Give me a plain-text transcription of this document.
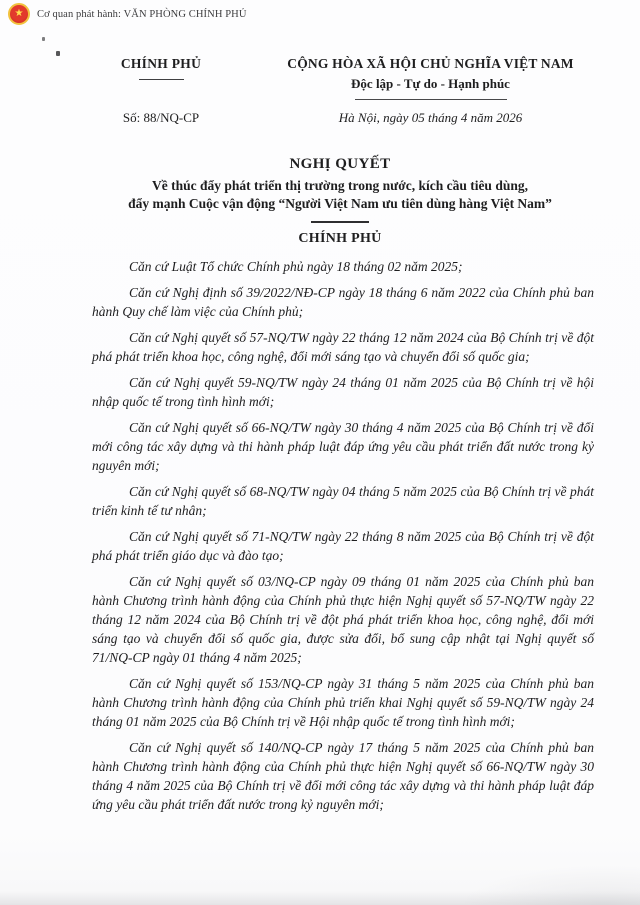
★ Cơ quan phát hành: VĂN PHÒNG CHÍNH PHỦ
CHÍNH PHỦ
Số: 88/NQ-CP
CỘNG HÒA XÃ HỘI CHỦ NGHĨA VIỆT NAM
Độc lập - Tự do - Hạnh phúc
Hà Nội, ngày 05 tháng 4 năm 2026
NGHỊ QUYẾT
Về thúc đẩy phát triển thị trường trong nước, kích cầu tiêu dùng,
đẩy mạnh Cuộc vận động “Người Việt Nam ưu tiên dùng hàng Việt Nam”
CHÍNH PHỦ

Căn cứ Luật Tổ chức Chính phủ ngày 18 tháng 02 năm 2025;

Căn cứ Nghị định số 39/2022/NĐ-CP ngày 18 tháng 6 năm 2022 của Chính phủ ban hành Quy chế làm việc của Chính phủ;

Căn cứ Nghị quyết số 57-NQ/TW ngày 22 tháng 12 năm 2024 của Bộ Chính trị về đột phá phát triển khoa học, công nghệ, đổi mới sáng tạo và chuyển đổi số quốc gia;

Căn cứ Nghị quyết 59-NQ/TW ngày 24 tháng 01 năm 2025 của Bộ Chính trị về hội nhập quốc tế trong tình hình mới;

Căn cứ Nghị quyết số 66-NQ/TW ngày 30 tháng 4 năm 2025 của Bộ Chính trị về đổi mới công tác xây dựng và thi hành pháp luật đáp ứng yêu cầu phát triển đất nước trong kỷ nguyên mới;

Căn cứ Nghị quyết số 68-NQ/TW ngày 04 tháng 5 năm 2025 của Bộ Chính trị về phát triển kinh tế tư nhân;

Căn cứ Nghị quyết số 71-NQ/TW ngày 22 tháng 8 năm 2025 của Bộ Chính trị về đột phá phát triển giáo dục và đào tạo;

Căn cứ Nghị quyết số 03/NQ-CP ngày 09 tháng 01 năm 2025 của Chính phủ ban hành Chương trình hành động của Chính phủ thực hiện Nghị quyết số 57-NQ/TW ngày 22 tháng 12 năm 2024 của Bộ Chính trị về đột phá phát triển khoa học, công nghệ, đổi mới sáng tạo và chuyển đổi số quốc gia, được sửa đổi, bổ sung cập nhật tại Nghị quyết số 71/NQ-CP ngày 01 tháng 4 năm 2025;

Căn cứ Nghị quyết số 153/NQ-CP ngày 31 tháng 5 năm 2025 của Chính phủ ban hành Chương trình hành động của Chính phủ triển khai Nghị quyết số 59-NQ/TW ngày 24 tháng 01 năm 2025 của Bộ Chính trị về Hội nhập quốc tế trong tình hình mới;

Căn cứ Nghị quyết số 140/NQ-CP ngày 17 tháng 5 năm 2025 của Chính phủ ban hành Chương trình hành động của Chính phủ thực hiện Nghị quyết số 66-NQ/TW ngày 30 tháng 4 năm 2025 của Bộ Chính trị về đổi mới công tác xây dựng và thi hành pháp luật đáp ứng yêu cầu phát triển đất nước trong kỷ nguyên mới;
